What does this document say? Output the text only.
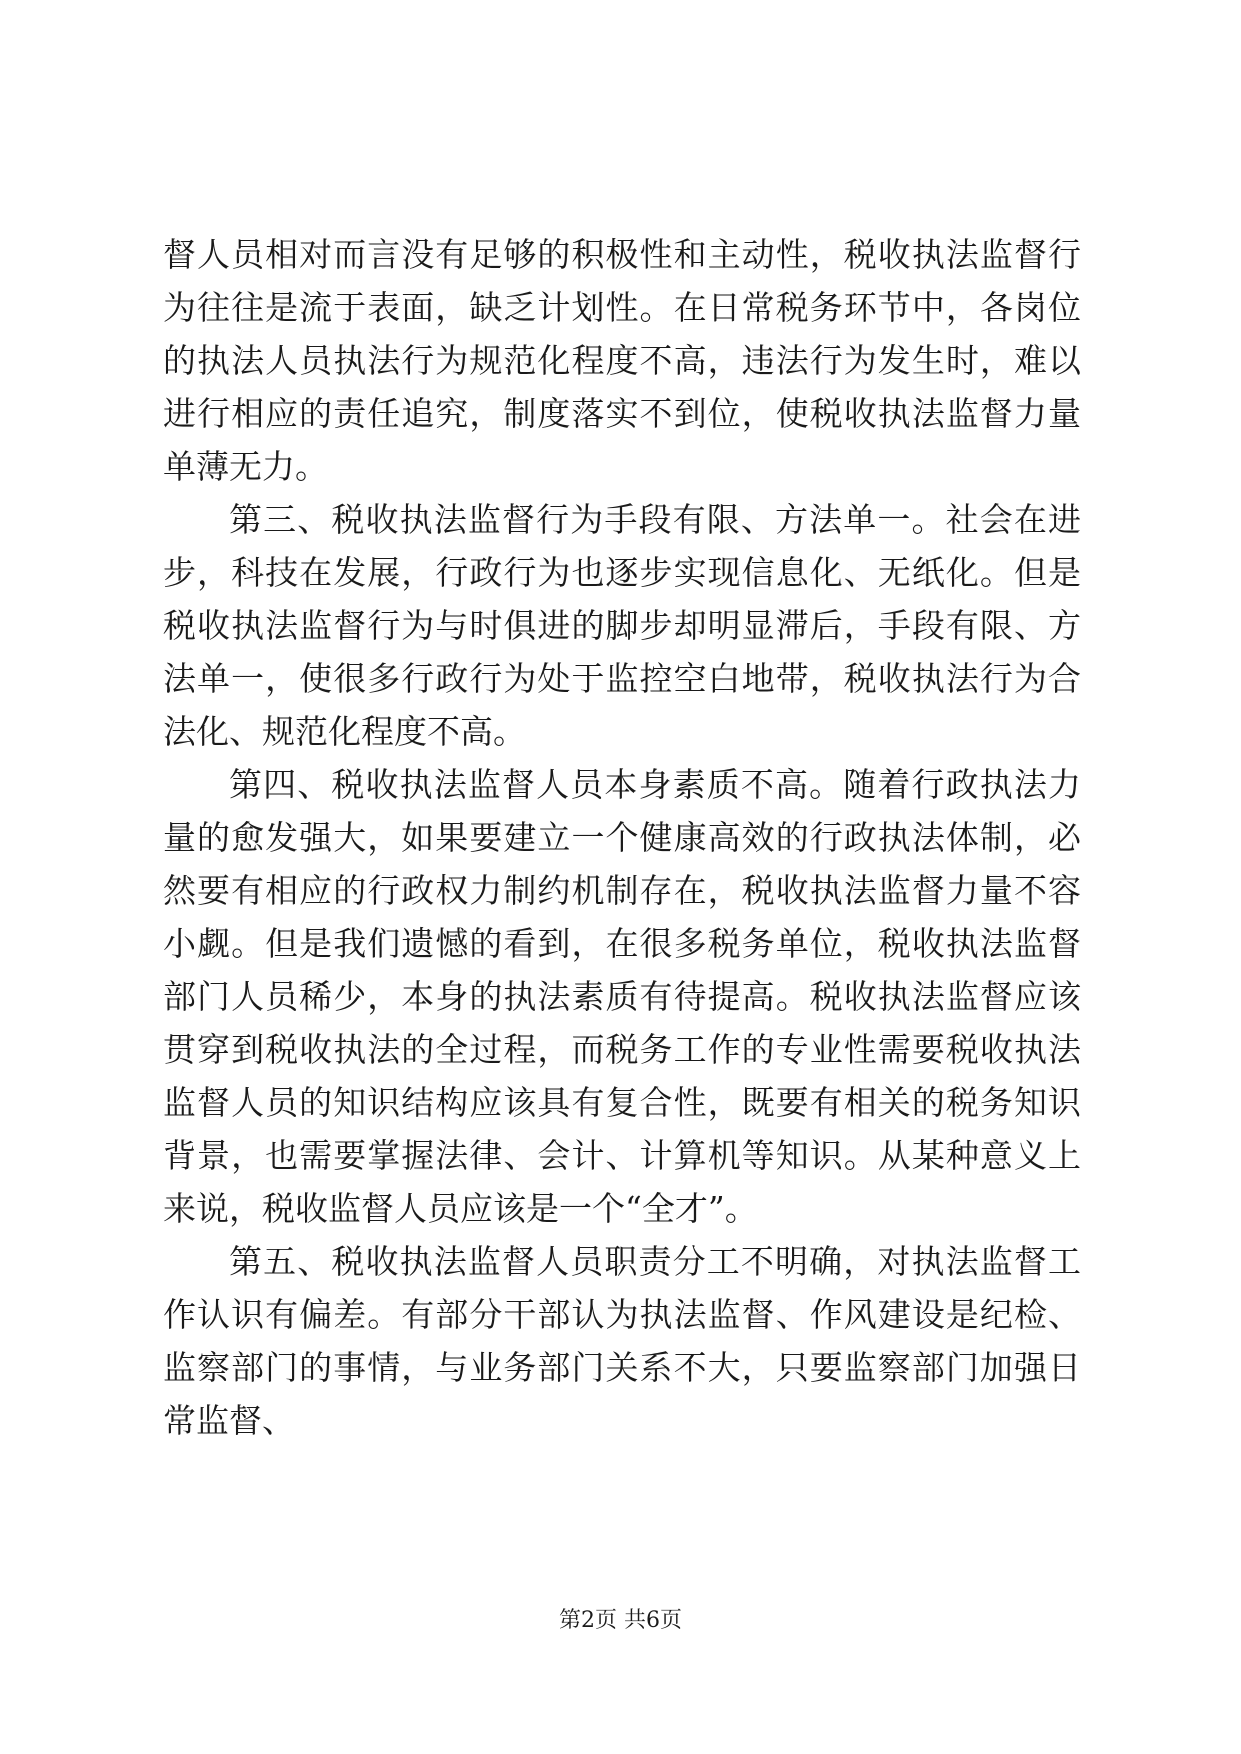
督人员相对而言没有足够的积极性和主动性，税收执法监督行为往往是流于表面，缺乏计划性。在日常税务环节中，各岗位的执法人员执法行为规范化程度不高，违法行为发生时，难以进行相应的责任追究，制度落实不到位，使税收执法监督力量单薄无力。

第三、税收执法监督行为手段有限、方法单一。社会在进步，科技在发展，行政行为也逐步实现信息化、无纸化。但是税收执法监督行为与时俱进的脚步却明显滞后，手段有限、方法单一，使很多行政行为处于监控空白地带，税收执法行为合法化、规范化程度不高。

第四、税收执法监督人员本身素质不高。随着行政执法力量的愈发强大，如果要建立一个健康高效的行政执法体制，必然要有相应的行政权力制约机制存在，税收执法监督力量不容小觑。但是我们遗憾的看到，在很多税务单位，税收执法监督部门人员稀少，本身的执法素质有待提高。税收执法监督应该贯穿到税收执法的全过程，而税务工作的专业性需要税收执法监督人员的知识结构应该具有复合性，既要有相关的税务知识背景，也需要掌握法律、会计、计算机等知识。从某种意义上来说，税收监督人员应该是一个“全才”。

第五、税收执法监督人员职责分工不明确，对执法监督工作认识有偏差。有部分干部认为执法监督、作风建设是纪检、监察部门的事情，与业务部门关系不大，只要监察部门加强日常监督、

第2页 共6页
